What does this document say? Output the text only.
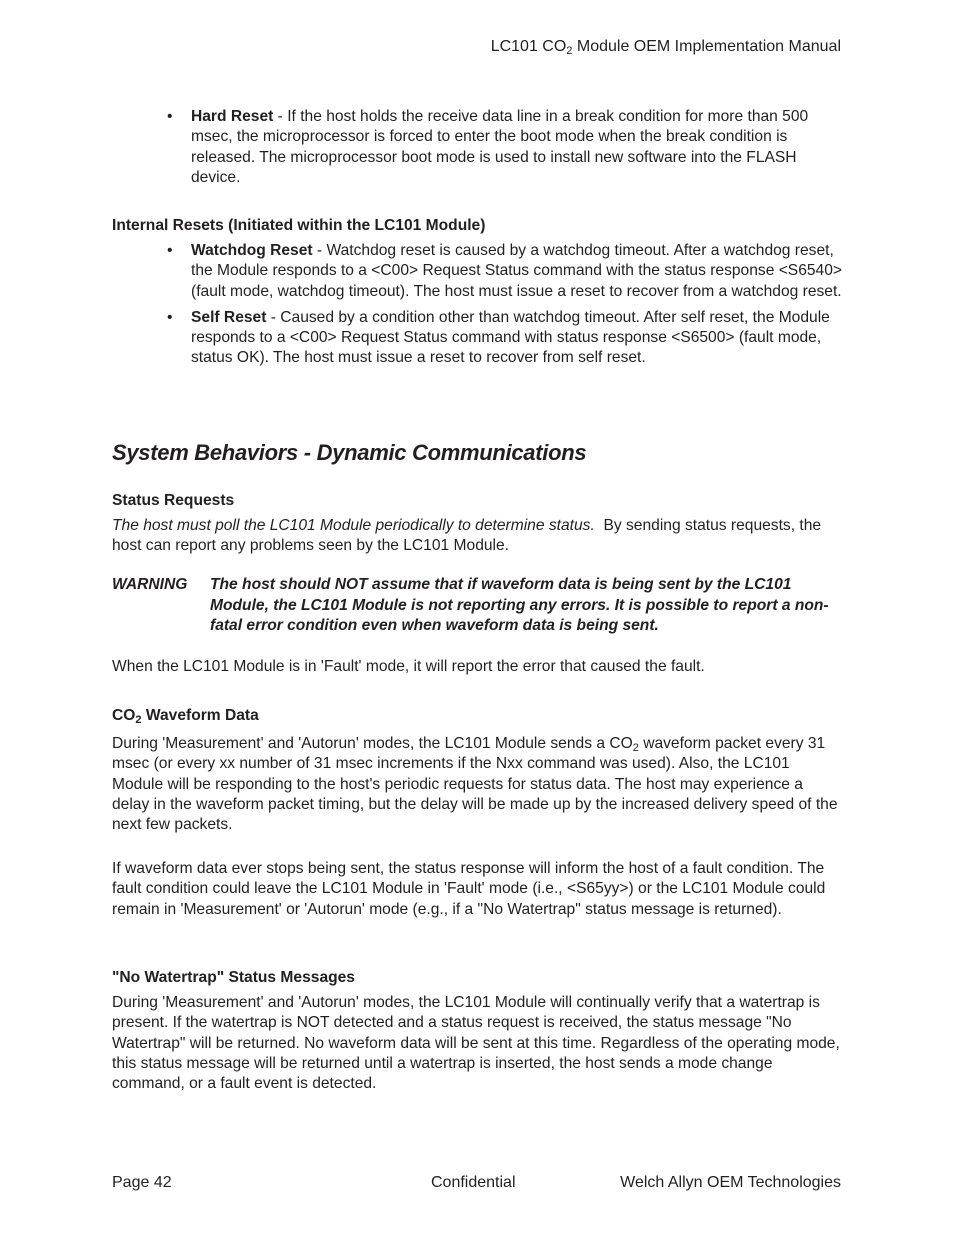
LC101 $CO_2$ Module OEM Implementation Manual
• Hard Reset - If the host holds the receive data line in a break condition for more than 500 msec, the microprocessor is forced to enter the boot mode when the break condition is released. The microprocessor boot mode is used to install new software into the FLASH device.
Internal Resets (Initiated within the LC101 Module)
• Watchdog Reset - Watchdog reset is caused by a watchdog timeout. After a watchdog reset, the Module responds to a <C00> Request Status command with the status response <S6540> (fault mode, watchdog timeout). The host must issue a reset to recover from a watchdog reset.
• Self Reset - Caused by a condition other than watchdog timeout. After self reset, the Module responds to a <C00> Request Status command with status response <S6500> (fault mode, status OK). The host must issue a reset to recover from self reset.
System Behaviors - Dynamic Communications
Status Requests
The host must poll the LC101 Module periodically to determine status.  By sending status requests, the host can report any problems seen by the LC101 Module.
WARNING The host should NOT assume that if waveform data is being sent by the LC101 Module, the LC101 Module is not reporting any errors. It is possible to report a non-fatal error condition even when waveform data is being sent.
When the LC101 Module is in 'Fault' mode, it will report the error that caused the fault.
$CO_2$ Waveform Data
During 'Measurement' and 'Autorun' modes, the LC101 Module sends a $CO_2$ waveform packet every 31 msec (or every xx number of 31 msec increments if the Nxx command was used). Also, the LC101 Module will be responding to the host's periodic requests for status data. The host may experience a delay in the waveform packet timing, but the delay will be made up by the increased delivery speed of the next few packets.
If waveform data ever stops being sent, the status response will inform the host of a fault condition. The fault condition could leave the LC101 Module in 'Fault' mode (i.e., <S65yy>) or the LC101 Module could remain in 'Measurement' or 'Autorun' mode (e.g., if a "No Watertrap" status message is returned).
"No Watertrap" Status Messages
During 'Measurement' and 'Autorun' modes, the LC101 Module will continually verify that a watertrap is present. If the watertrap is NOT detected and a status request is received, the status message "No Watertrap" will be returned. No waveform data will be sent at this time. Regardless of the operating mode, this status message will be returned until a watertrap is inserted, the host sends a mode change command, or a fault event is detected.
Page 42	Confidential	Welch Allyn OEM Technologies
